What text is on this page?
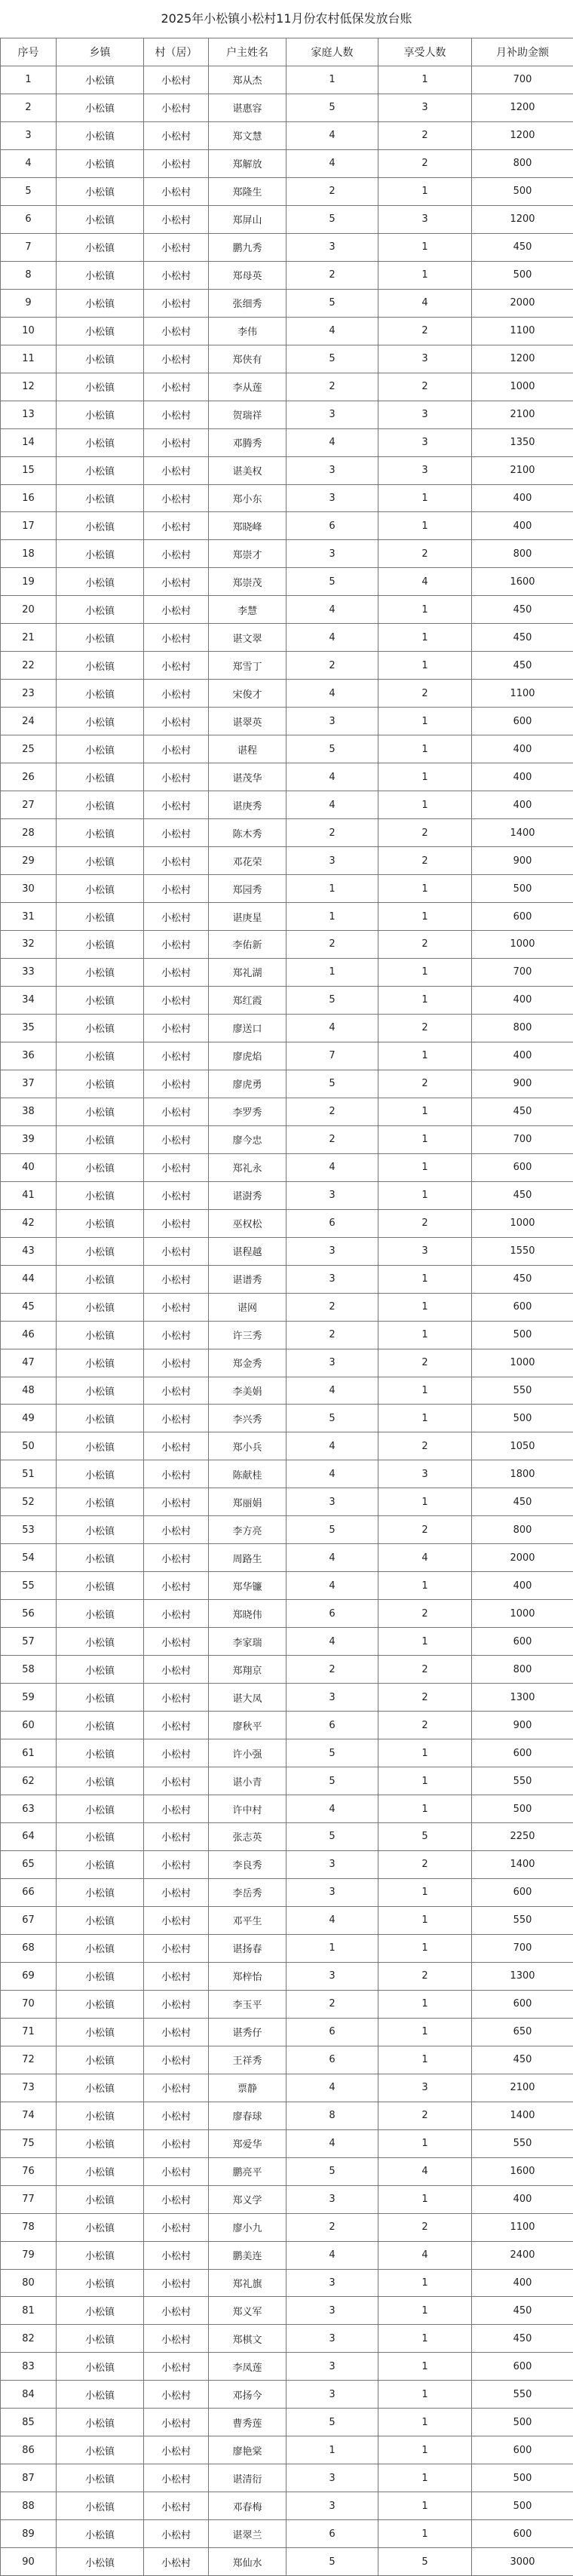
2025年小松镇小松村11月份农村低保发放台账
序号	乡镇	村（居）	户主姓名	家庭人数	享受人数	月补助金额
1	小松镇	小松村	郑从杰	1	1	700
2	小松镇	小松村	谌惠容	5	3	1200
3	小松镇	小松村	郑文慧	4	2	1200
4	小松镇	小松村	郑解放	4	2	800
5	小松镇	小松村	郑隆生	2	1	500
6	小松镇	小松村	郑屏山	5	3	1200
7	小松镇	小松村	鹏九秀	3	1	450
8	小松镇	小松村	郑母英	2	1	500
9	小松镇	小松村	张细秀	5	4	2000
10	小松镇	小松村	李伟	4	2	1100
11	小松镇	小松村	郑侠有	5	3	1200
12	小松镇	小松村	李从莲	2	2	1000
13	小松镇	小松村	贺瑞祥	3	3	2100
14	小松镇	小松村	邓腾秀	4	3	1350
15	小松镇	小松村	谌美权	3	3	2100
16	小松镇	小松村	郑小东	3	1	400
17	小松镇	小松村	郑晓峰	6	1	400
18	小松镇	小松村	郑崇才	3	2	800
19	小松镇	小松村	郑崇茂	5	4	1600
20	小松镇	小松村	李慧	4	1	450
21	小松镇	小松村	谌文翠	4	1	450
22	小松镇	小松村	郑雪丁	2	1	450
23	小松镇	小松村	宋俊才	4	2	1100
24	小松镇	小松村	谌翠英	3	1	600
25	小松镇	小松村	谌程	5	1	400
26	小松镇	小松村	谌茂华	4	1	400
27	小松镇	小松村	谌庚秀	4	1	400
28	小松镇	小松村	陈木秀	2	2	1400
29	小松镇	小松村	邓花荣	3	2	900
30	小松镇	小松村	郑园秀	1	1	500
31	小松镇	小松村	谌庚星	1	1	600
32	小松镇	小松村	李佑新	2	2	1000
33	小松镇	小松村	郑礼湖	1	1	700
34	小松镇	小松村	郑红霞	5	1	400
35	小松镇	小松村	廖送口	4	2	800
36	小松镇	小松村	廖虎焰	7	1	400
37	小松镇	小松村	廖虎勇	5	2	900
38	小松镇	小松村	李罗秀	2	1	450
39	小松镇	小松村	廖今忠	2	1	700
40	小松镇	小松村	郑礼永	4	1	600
41	小松镇	小松村	谌澍秀	3	1	450
42	小松镇	小松村	巫权松	6	2	1000
43	小松镇	小松村	谌程越	3	3	1550
44	小松镇	小松村	谌谱秀	3	1	450
45	小松镇	小松村	谌网	2	1	600
46	小松镇	小松村	许三秀	2	1	500
47	小松镇	小松村	郑金秀	3	2	1000
48	小松镇	小松村	李美娟	4	1	550
49	小松镇	小松村	李兴秀	5	1	500
50	小松镇	小松村	郑小兵	4	2	1050
51	小松镇	小松村	陈献桂	4	3	1800
52	小松镇	小松村	郑丽娟	3	1	450
53	小松镇	小松村	李方亮	5	2	800
54	小松镇	小松村	周路生	4	4	2000
55	小松镇	小松村	郑华镰	4	1	400
56	小松镇	小松村	郑晓伟	6	2	1000
57	小松镇	小松村	李家瑞	4	1	600
58	小松镇	小松村	郑翔京	2	2	800
59	小松镇	小松村	谌大凤	3	2	1300
60	小松镇	小松村	廖秋平	6	2	900
61	小松镇	小松村	许小强	5	1	600
62	小松镇	小松村	谌小青	5	1	550
63	小松镇	小松村	许中村	4	1	500
64	小松镇	小松村	张志英	5	5	2250
65	小松镇	小松村	李良秀	3	2	1400
66	小松镇	小松村	李岳秀	3	1	600
67	小松镇	小松村	邓平生	4	1	550
68	小松镇	小松村	谌扬春	1	1	700
69	小松镇	小松村	郑梓怡	3	2	1300
70	小松镇	小松村	李玉平	2	1	600
71	小松镇	小松村	谌秀仔	6	1	650
72	小松镇	小松村	王祥秀	6	1	450
73	小松镇	小松村	票静	4	3	2100
74	小松镇	小松村	廖春球	8	2	1400
75	小松镇	小松村	郑爱华	4	1	550
76	小松镇	小松村	鹏亮平	5	4	1600
77	小松镇	小松村	郑义学	3	1	400
78	小松镇	小松村	廖小九	2	2	1100
79	小松镇	小松村	鹏美连	4	4	2400
80	小松镇	小松村	郑礼旗	3	1	400
81	小松镇	小松村	郑义军	3	1	450
82	小松镇	小松村	郑棋文	3	1	450
83	小松镇	小松村	李凤莲	3	1	600
84	小松镇	小松村	邓扬今	3	1	550
85	小松镇	小松村	曹秀莲	5	1	500
86	小松镇	小松村	廖艳棠	1	1	600
87	小松镇	小松村	谌清衍	3	1	500
88	小松镇	小松村	邓春梅	3	1	500
89	小松镇	小松村	谌翠兰	6	1	600
90	小松镇	小松村	郑仙水	5	5	3000
